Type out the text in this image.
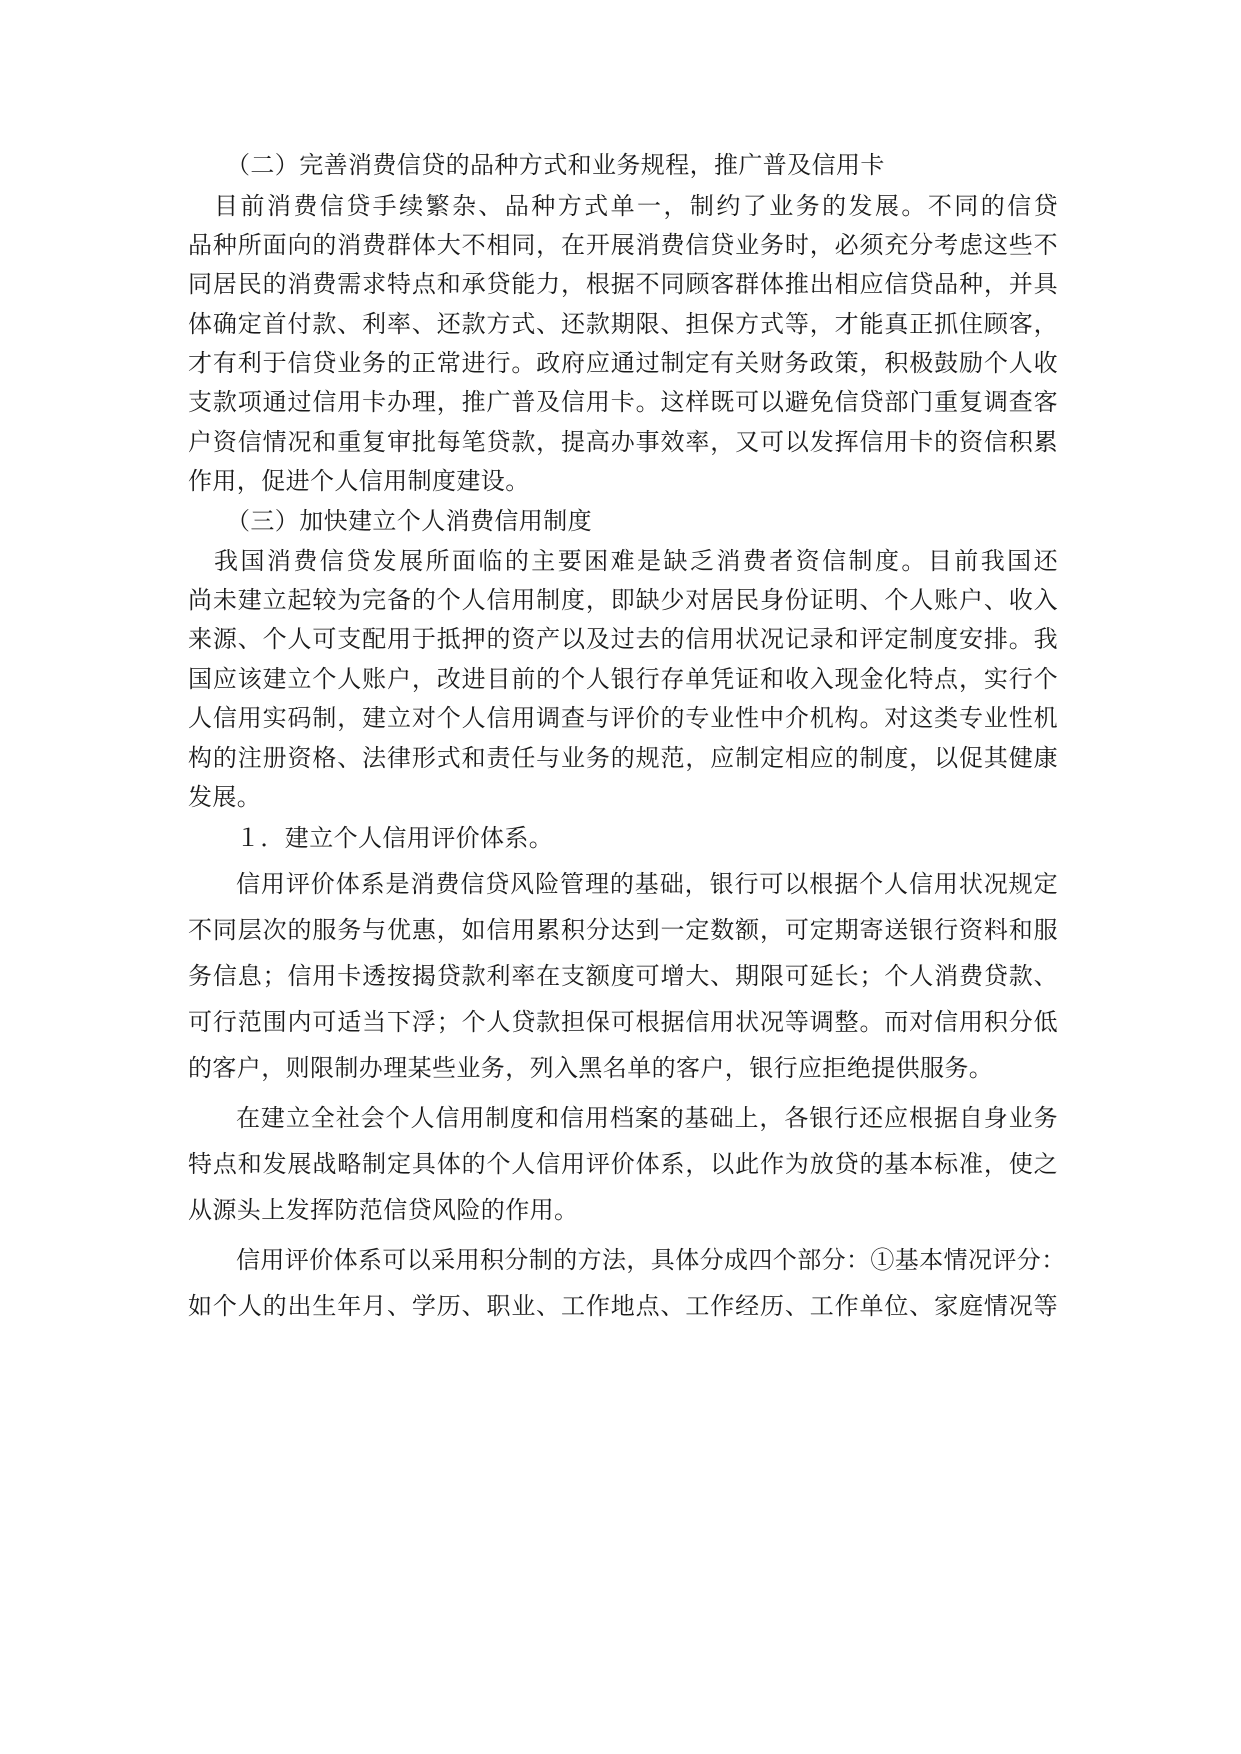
（二）完善消费信贷的品种方式和业务规程，推广普及信用卡
目前消费信贷手续繁杂、品种方式单一，制约了业务的发展。不同的信贷
品种所面向的消费群体大不相同，在开展消费信贷业务时，必须充分考虑这些不
同居民的消费需求特点和承贷能力，根据不同顾客群体推出相应信贷品种，并具
体确定首付款、利率、还款方式、还款期限、担保方式等，才能真正抓住顾客，
才有利于信贷业务的正常进行。政府应通过制定有关财务政策，积极鼓励个人收
支款项通过信用卡办理，推广普及信用卡。这样既可以避免信贷部门重复调查客
户资信情况和重复审批每笔贷款，提高办事效率，又可以发挥信用卡的资信积累
作用，促进个人信用制度建设。
（三）加快建立个人消费信用制度
我国消费信贷发展所面临的主要困难是缺乏消费者资信制度。目前我国还
尚未建立起较为完备的个人信用制度，即缺少对居民身份证明、个人账户、收入
来源、个人可支配用于抵押的资产以及过去的信用状况记录和评定制度安排。我
国应该建立个人账户，改进目前的个人银行存单凭证和收入现金化特点，实行个
人信用实码制，建立对个人信用调查与评价的专业性中介机构。对这类专业性机
构的注册资格、法律形式和责任与业务的规范，应制定相应的制度，以促其健康
发展。
１．建立个人信用评价体系。
信用评价体系是消费信贷风险管理的基础，银行可以根据个人信用状况规定
不同层次的服务与优惠，如信用累积分达到一定数额，可定期寄送银行资料和服
务信息；信用卡透按揭贷款利率在支额度可增大、期限可延长；个人消费贷款、
可行范围内可适当下浮；个人贷款担保可根据信用状况等调整。而对信用积分低
的客户，则限制办理某些业务，列入黑名单的客户，银行应拒绝提供服务。
在建立全社会个人信用制度和信用档案的基础上，各银行还应根据自身业务
特点和发展战略制定具体的个人信用评价体系，以此作为放贷的基本标准，使之
从源头上发挥防范信贷风险的作用。
信用评价体系可以采用积分制的方法，具体分成四个部分：①基本情况评分：
如个人的出生年月、学历、职业、工作地点、工作经历、工作单位、家庭情况等
